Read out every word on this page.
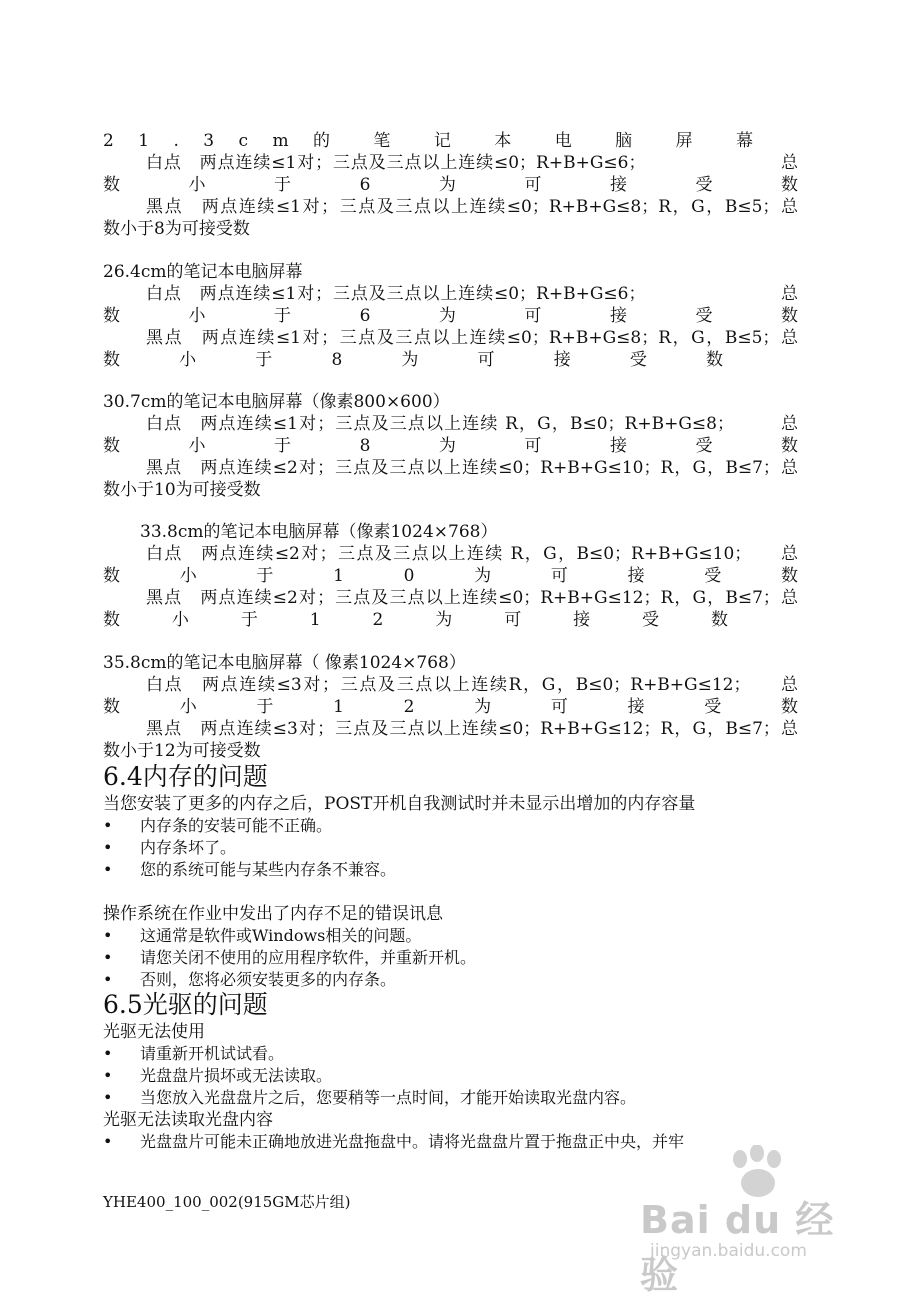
2 1 . 3 c m 的 笔 记 本 电 脑 屏 幕
白点　两点连续≤1对；三点及三点以上连续≤0；R+B+G≤6；　　　　　　　　总
数　　小　　于　　6　　为　　可　　接　　受　　数
黑点　两点连续≤1对；三点及三点以上连续≤0；R+B+G≤8；R，G，B≤5；总
数小于8为可接受数
26.4cm的笔记本电脑屏幕
白点　两点连续≤1对；三点及三点以上连续≤0；R+B+G≤6；　　　　　　　　总
数　　小　　于　　6　　为　　可　　接　　受　　数
黑点　两点连续≤1对；三点及三点以上连续≤0；R+B+G≤8；R，G，B≤5；总
数　　小　　于　　8　　为　　可　　接　　受　　数
30.7cm的笔记本电脑屏幕（像素800×600）
白点　两点连续≤1对；三点及三点以上连续 R，G，B≤0；R+B+G≤8；　　　总
数　　小　　于　　8　　为　　可　　接　　受　　数
黑点　两点连续≤2对；三点及三点以上连续≤0；R+B+G≤10；R，G，B≤7；总
数小于10为可接受数
33.8cm的笔记本电脑屏幕（像素1024×768）
白点　两点连续≤2对；三点及三点以上连续 R，G，B≤0；R+B+G≤10；　　总
数　　小　　于　　1　　0　　为　　可　　接　　受　　数
黑点　两点连续≤2对；三点及三点以上连续≤0；R+B+G≤12；R，G，B≤7；总
数　　小　　于　　1　　2　　为　　可　　接　　受　　数
35.8cm的笔记本电脑屏幕（ 像素1024×768）
白点　两点连续≤3对；三点及三点以上连续R，G，B≤0；R+B+G≤12；　　总
数　　小　　于　　1　　2　　为　　可　　接　　受　　数
黑点　两点连续≤3对；三点及三点以上连续≤0；R+B+G≤12；R，G，B≤7；总
数小于12为可接受数
6.4内存的问题
当您安装了更多的内存之后，POST开机自我测试时并未显示出增加的内存容量
• 内存条的安装可能不正确。
• 内存条坏了。
• 您的系统可能与某些内存条不兼容。
操作系统在作业中发出了内存不足的错误讯息
• 这通常是软件或Windows相关的问题。
• 请您关闭不使用的应用程序软件，并重新开机。
• 否则，您将必须安装更多的内存条。
6.5光驱的问题
光驱无法使用
• 请重新开机试试看。
• 光盘盘片损坏或无法读取。
• 当您放入光盘盘片之后，您要稍等一点时间，才能开始读取光盘内容。
光驱无法读取光盘内容
• 光盘盘片可能未正确地放进光盘拖盘中。请将光盘盘片置于拖盘正中央，并牢
YHE400_100_002(915GM芯片组)	Bai du 经验
jingyan.baidu.com
